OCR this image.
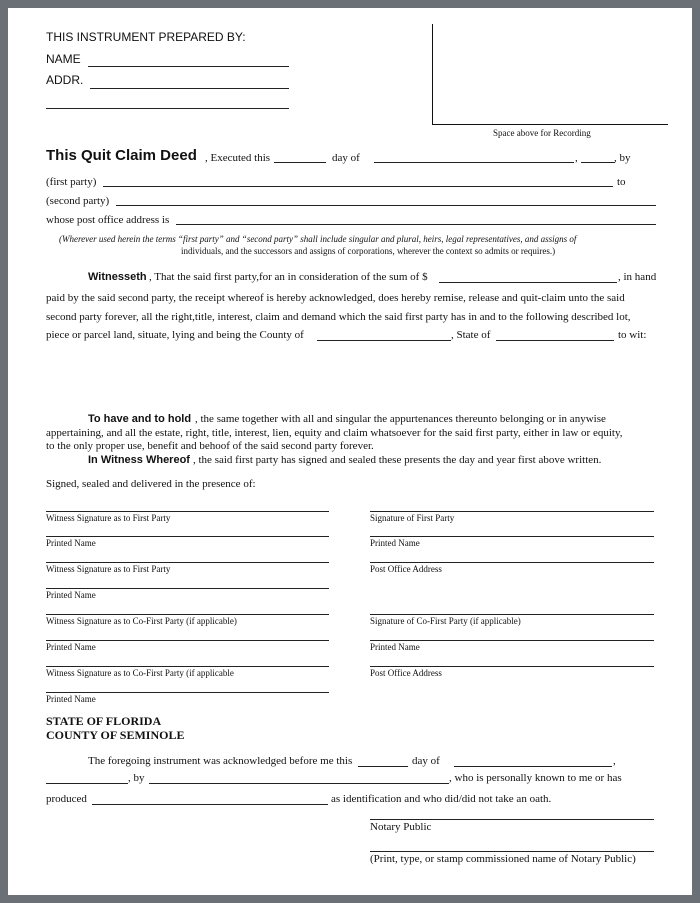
THIS INSTRUMENT PREPARED BY:
NAME
ADDR.
Space above for Recording
This Quit Claim Deed , Executed this	day of	,	, by
(first party)	to
(second party)
whose post office address is
(Wherever used herein the terms “first party” and “second party” shall include singular and plural, heirs, legal representatives, and assigns of
individuals, and the successors and assigns of corporations, wherever the context so admits or requires.)
Witnesseth , That the said first party,for an in consideration of the sum of $	, in hand
paid by the said second party, the receipt whereof is hereby acknowledged, does hereby remise, release and quit-claim unto the said
second party forever, all the right,title, interest, claim and demand which the said first party has in and to the following described lot,
piece or parcel land, situate, lying and being the County of	, State of	to wit:
To have and to hold , the same together with all and singular the appurtenances thereunto belonging or in anywise
appertaining, and all the estate, right, title, interest, lien, equity and claim whatsoever for the said first party, either in law or equity,
to the only proper use, benefit and behoof of the said second party forever.
In Witness Whereof , the said first party has signed and sealed these presents the day and year first above written.
Signed, sealed and delivered in the presence of:
Witness Signature as to First Party
Printed Name
Witness Signature as to First Party
Printed Name
Witness Signature as to Co-First Party (if applicable)
Printed Name
Witness Signature as to Co-First Party (if applicable
Printed Name
Signature of First Party
Printed Name
Post Office Address
Signature of Co-First Party (if applicable)
Printed Name
Post Office Address
STATE OF FLORIDA
COUNTY OF SEMINOLE
The foregoing instrument was acknowledged before me this	day of	,
, by	, who is personally known to me or has
produced	as identification and who did/did not take an oath.
Notary Public
(Print, type, or stamp commissioned name of Notary Public)
